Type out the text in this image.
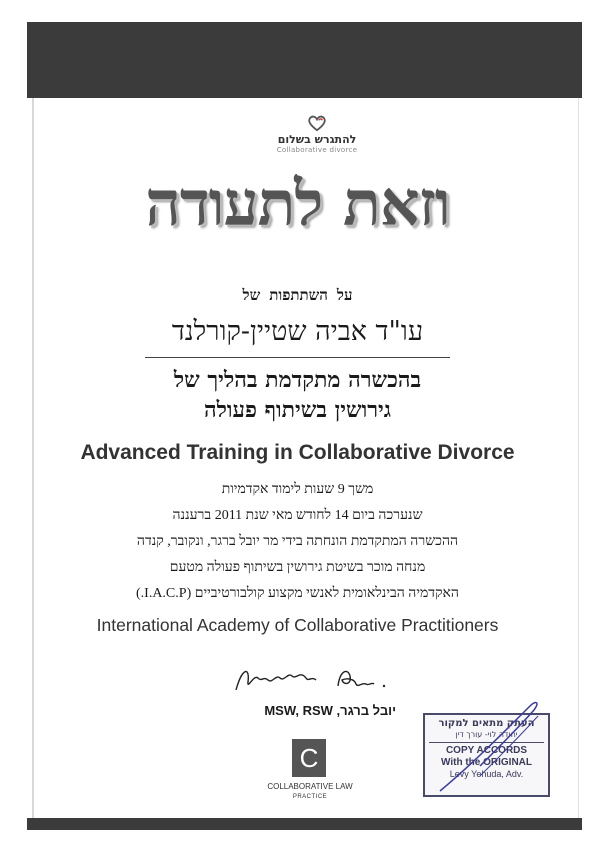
להתגרש בשלום
Collaborative divorce
וזאת לתעודה
על השתתפות של
עו"ד אביה שטיין-קורלנד
בהכשרה מתקדמת בהליך של
גירושין בשיתוף פעולה
Advanced Training in Collaborative Divorce
משך 9 שעות לימוד אקדמיות
שנערכה ביום 14 לחודש מאי שנת 2011 ברעננה
ההכשרה המתקדמת הונחתה בידי מר יובל ברגר, ונקובר, קנדה
מנחה מוכר בשיטת גירושין בשיתוף פעולה מטעם
האקדמיה הבינלאומית לאנשי מקצוע קולבורטיביים (I.A.C.P.)
International Academy of Collaborative Practitioners
יובל ברגר, MSW, RSW
C
COLLABORATIVE LAW
PRACTICE
העתק מתאים למקור
יהודה לוי- עורך דין
COPY ACCORDS
With the ORIGINAL
Levy Yehuda, Adv.
